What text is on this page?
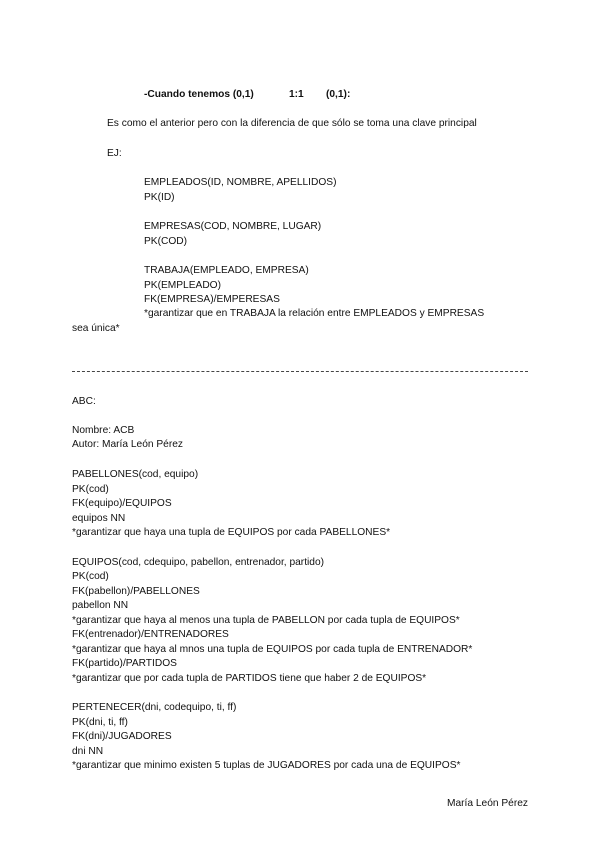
-Cuando tenemos (0,1)	1:1 (0,1):
Es como el anterior pero con la diferencia de que sólo se toma una clave principal
EJ:
EMPLEADOS(ID, NOMBRE, APELLIDOS)
PK(ID)
EMPRESAS(COD, NOMBRE, LUGAR)
PK(COD)
TRABAJA(EMPLEADO, EMPRESA)
PK(EMPLEADO)
FK(EMPRESA)/EMPERESAS
*garantizar que en TRABAJA la relación entre EMPLEADOS y EMPRESAS
sea única*
ABC:
Nombre: ACB
Autor: María León Pérez
PABELLONES(cod, equipo)
PK(cod)
FK(equipo)/EQUIPOS
equipos NN
*garantizar que haya una tupla de EQUIPOS por cada PABELLONES*
EQUIPOS(cod, cdequipo, pabellon, entrenador, partido)
PK(cod)
FK(pabellon)/PABELLONES
pabellon NN
*garantizar que haya al menos una tupla de PABELLON por cada tupla de EQUIPOS*
FK(entrenador)/ENTRENADORES
*garantizar que haya al mnos una tupla de EQUIPOS por cada tupla de ENTRENADOR*
FK(partido)/PARTIDOS
*garantizar que por cada tupla de PARTIDOS tiene que haber 2 de EQUIPOS*
PERTENECER(dni, codequipo, ti, ff)
PK(dni, ti, ff)
FK(dni)/JUGADORES
dni NN
*garantizar que minimo existen 5 tuplas de JUGADORES por cada una de EQUIPOS*
María León Pérez
